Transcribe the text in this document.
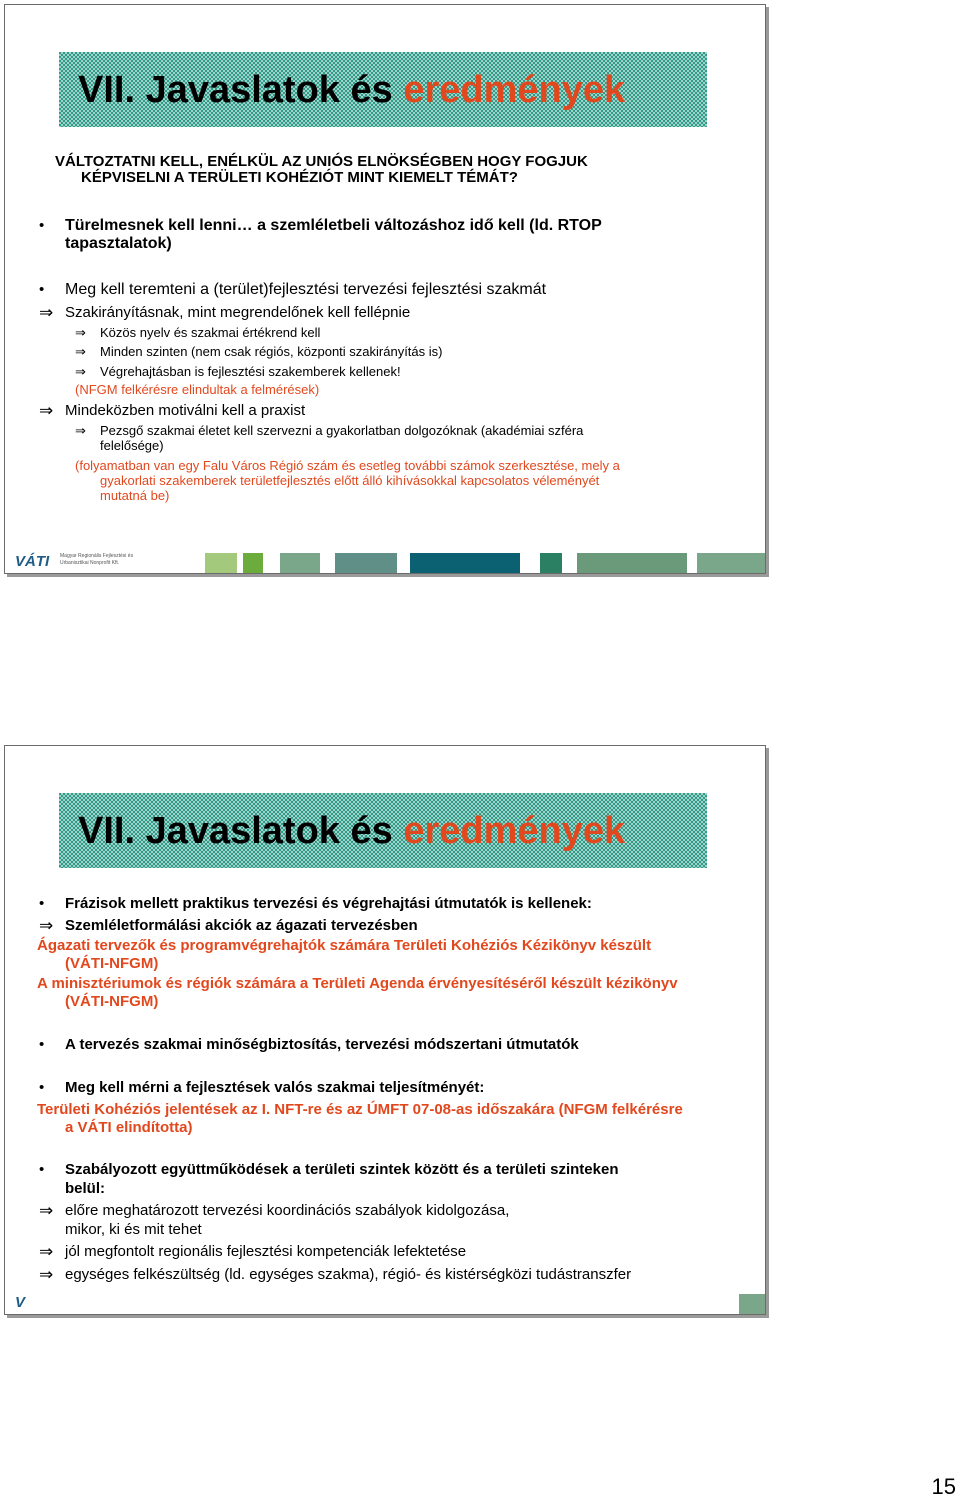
VII. Javaslatok és eredmények
VÁLTOZTATNI KELL, ENÉLKÜL AZ UNIÓS ELNÖKSÉGBEN HOGY FOGJUK
KÉPVISELNI A TERÜLETI KOHÉZIÓT MINT KIEMELT TÉMÁT?
• Türelmesnek kell lenni… a szemléletbeli változáshoz idő kell (ld. RTOP
tapasztalatok)
• Meg kell teremteni a (terület)fejlesztési tervezési fejlesztési szakmát
⇒ Szakirányításnak, mint megrendelőnek kell fellépnie
⇒ Közös nyelv és szakmai értékrend kell
⇒ Minden szinten (nem csak régiós, központi szakirányítás is)
⇒ Végrehajtásban is fejlesztési szakemberek kellenek!
(NFGM felkérésre elindultak a felmérések)
⇒ Mindeközben motiválni kell a praxist
⇒ Pezsgő szakmai életet kell szervezni a gyakorlatban dolgozóknak (akadémiai szféra
felelősége)
(folyamatban van egy Falu Város Régió szám és esetleg további számok szerkesztése, mely a
gyakorlati szakemberek területfejlesztés előtt álló kihívásokkal kapcsolatos véleményét
mutatná be)
VÁTI Magyar Regionális Fejlesztési és Urbanisztikai Nonprofit Kft.
VII. Javaslatok és eredmények
• Frázisok mellett praktikus tervezési és végrehajtási útmutatók is kellenek:
⇒ Szemléletformálási akciók az ágazati tervezésben
Ágazati tervezők és programvégrehajtók számára Területi Kohéziós Kézikönyv készült
(VÁTI-NFGM)
A minisztériumok és régiók számára a Területi Agenda érvényesítéséről készült kézikönyv
(VÁTI-NFGM)
• A tervezés szakmai minőségbiztosítás, tervezési módszertani útmutatók
• Meg kell mérni a fejlesztések valós szakmai teljesítményét:
Területi Kohéziós jelentések az I. NFT-re és az ÚMFT 07-08-as időszakára (NFGM felkérésre
a VÁTI elindította)
• Szabályozott együttműködések a területi szintek között és a területi szinteken
belül:
⇒ előre meghatározott tervezési koordinációs szabályok kidolgozása,
mikor, ki és mit tehet
⇒ jól megfontolt regionális fejlesztési kompetenciák lefektetése
⇒ egységes felkészültség (ld. egységes szakma), régió- és kistérségközi tudástranszfer
V
15
